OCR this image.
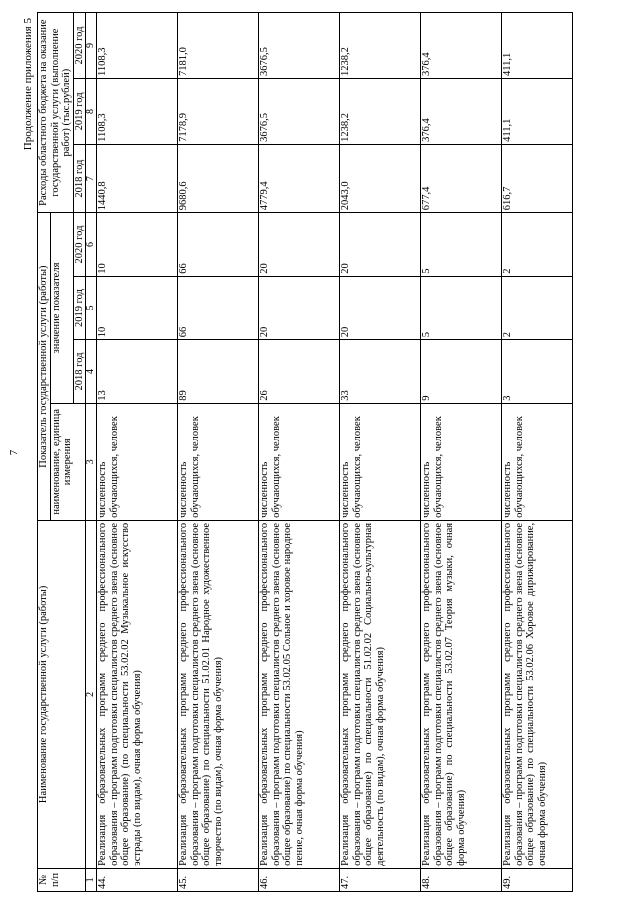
7
Продолжение приложения 5
№ п/п	Наименование государственной услуги (работы)	Показатель государственной услуги (работы)				Расходы областного бюджета на оказание государственной услуги (выполнение работ) (тыс.рублей)		
		наименование, единица измерения	значение показателя					
			2018 год	2019 год	2020 год	2018 год	2019 год	2020 год
1	2	3	4	5	6	7	8	9
44.	Реализация образовательных программ среднего профессионального образования – программ подготовки специалистов среднего звена (основное общее образование) (по специальности 53.02.02 Музыкальное искусство эстрады (по видам), очная форма обучения)	численность обучающихся, человек	13	10	10	1440,8	1108,3	1108,3
45.	Реализация образовательных программ среднего профессионального образования – программ подготовки специалистов среднего звена (основное общее образование) по специальности 51.02.01 Народное художественное творчество (по видам), очная форма обучения)	численность обучающихся, человек	89	66	66	9680,6	7178,9	7181,0
46.	Реализация образовательных программ среднего профессионального образования – программ подготовки специалистов среднего звена (основное общее образование) по специальности 53.02.05 Сольное и хоровое народное пение, очная форма обучения)	численность обучающихся, человек	26	20	20	4779,4	3676,5	3676,5
47.	Реализация образовательных программ среднего профессионального образования – программ подготовки специалистов среднего звена (основное общее образование) по специальности 51.02.02 Социально-культурная деятельность (по видам), очная форма обучения)	численность обучающихся, человек	33	20	20	2043,0	1238,2	1238,2
48.	Реализация образовательных программ среднего профессионального образования – программ подготовки специалистов среднего звена (основное общее образование) по специальности 53.02.07 Теория музыки, очная форма обучения)	численность обучающихся, человек	9	5	5	677,4	376,4	376,4
49.	Реализация образовательных программ среднего профессионального образования – программ подготовки специалистов среднего звена (основное общее образование) по специальности 53.02.06 Хоровое дирижирование, очная форма обучения)	численность обучающихся, человек	3	2	2	616,7	411,1	411,1
